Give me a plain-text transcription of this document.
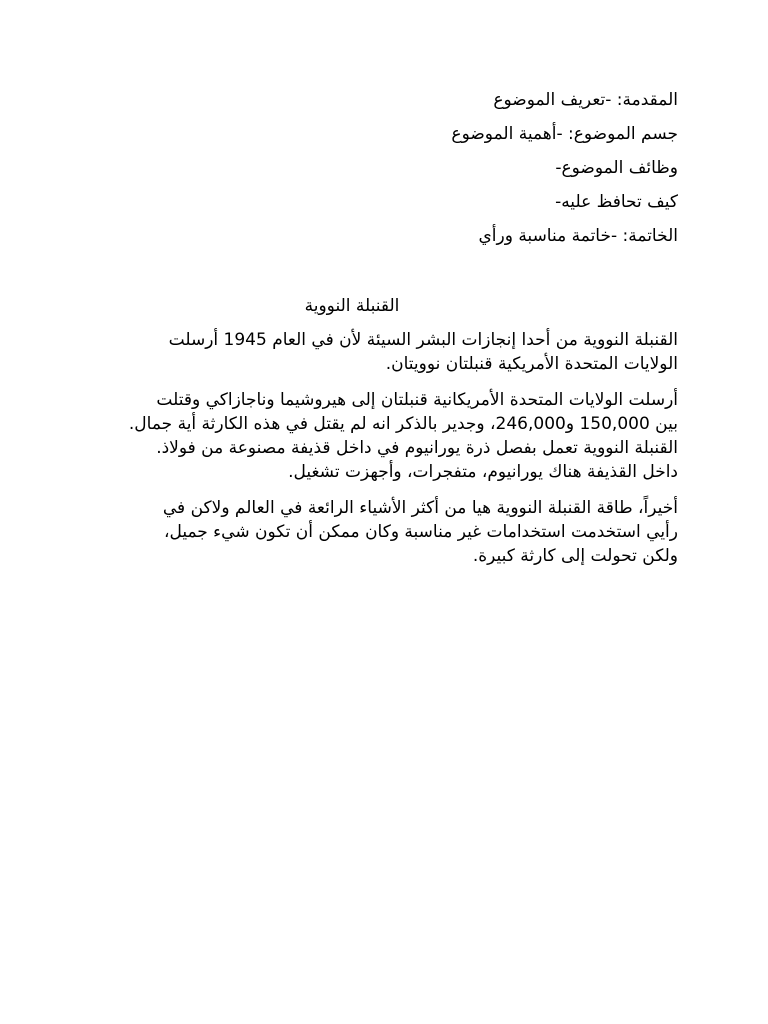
المقدمة: -تعريف الموضوع
جسم الموضوع: -أهمية الموضوع
وظائف الموضوع-
كيف تحافظ عليه-
الخاتمة: -خاتمة مناسبة ورأي
القنبلة النووية
القنبلة النووية من أحدا إنجازات البشر السيئة لأن في العام 1945 أرسلت
الولايات المتحدة الأمريكية قنبلتان نوويتان.
أرسلت الولايات المتحدة الأمريكانية قنبلتان إلى هيروشيما وناجازاكي وقتلت
بين 150,000 و246,000، وجدير بالذكر انه لم يقتل في هذه الكارثة أية جمال.
القنبلة النووية تعمل بفصل ذرة يورانيوم في داخل قذيفة مصنوعة من فولاذ.
داخل القذيفة هناك يورانيوم، متفجرات، وأجهزت تشغيل.
أخيراً، طاقة القنبلة النووية هيا من أكثر الأشياء الرائعة في العالم ولاكن في
رأيي استخدمت استخدامات غير مناسبة وكان ممكن أن تكون شيء جميل،
ولكن تحولت إلى كارثة كبيرة.
